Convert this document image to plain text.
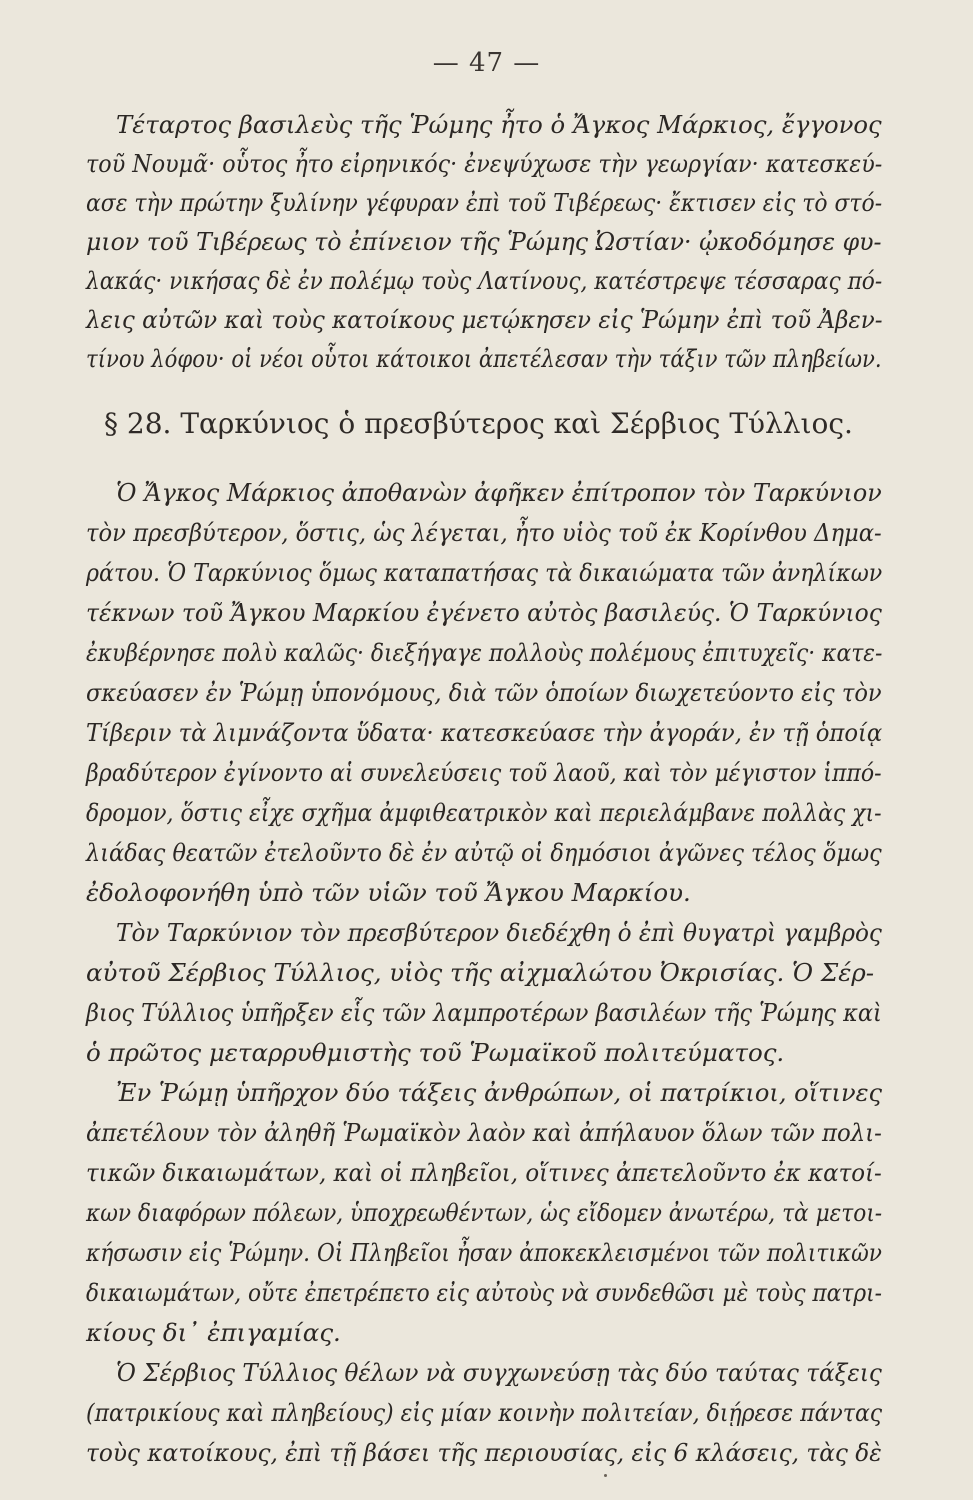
— 47 —
Τέταρτος βασιλεὺς τῆς Ῥώμης ἦτο ὁ Ἄγκος Μάρκιος, ἔγγονος
τοῦ Νουμᾶ· οὗτος ἦτο εἰρηνικός· ἐνεψύχωσε τὴν γεωργίαν· κατεσκεύ-
ασε τὴν πρώτην ξυλίνην γέφυραν ἐπὶ τοῦ Τιβέρεως· ἔκτισεν εἰς τὸ στό-
μιον τοῦ Τιβέρεως τὸ ἐπίνειον τῆς Ῥώμης Ὠστίαν· ᾠκοδόμησε φυ-
λακάς· νικήσας δὲ ἐν πολέμῳ τοὺς Λατίνους, κατέστρεψε τέσσαρας πό-
λεις αὐτῶν καὶ τοὺς κατοίκους μετῴκησεν εἰς Ῥώμην ἐπὶ τοῦ Ἀβεν-
τίνου λόφου· οἱ νέοι οὗτοι κάτοικοι ἀπετέλεσαν τὴν τάξιν τῶν πληβείων.
§ 28. Ταρκύνιος ὁ πρεσβύτερος καὶ Σέρβιος Τύλλιος.
Ὁ Ἄγκος Μάρκιος ἀποθανὼν ἀφῆκεν ἐπίτροπον τὸν Ταρκύνιον
τὸν πρεσβύτερον, ὅστις, ὡς λέγεται, ἦτο υἱὸς τοῦ ἐκ Κορίνθου Δημα-
ράτου. Ὁ Ταρκύνιος ὅμως καταπατήσας τὰ δικαιώματα τῶν ἀνηλίκων
τέκνων τοῦ Ἄγκου Μαρκίου ἐγένετο αὐτὸς βασιλεύς. Ὁ Ταρκύνιος
ἐκυβέρνησε πολὺ καλῶς· διεξήγαγε πολλοὺς πολέμους ἐπιτυχεῖς· κατε-
σκεύασεν ἐν Ῥώμῃ ὑπονόμους, διὰ τῶν ὁποίων διωχετεύοντο εἰς τὸν
Τίβεριν τὰ λιμνάζοντα ὕδατα· κατεσκεύασε τὴν ἀγοράν, ἐν τῇ ὁποίᾳ
βραδύτερον ἐγίνοντο αἱ συνελεύσεις τοῦ λαοῦ, καὶ τὸν μέγιστον ἱππό-
δρομον, ὅστις εἶχε σχῆμα ἀμφιθεατρικὸν καὶ περιελάμβανε πολλὰς χι-
λιάδας θεατῶν ἐτελοῦντο δὲ ἐν αὐτῷ οἱ δημόσιοι ἀγῶνες τέλος ὅμως
ἐδολοφονήθη ὑπὸ τῶν υἱῶν τοῦ Ἄγκου Μαρκίου.
Τὸν Ταρκύνιον τὸν πρεσβύτερον διεδέχθη ὁ ἐπὶ θυγατρὶ γαμβρὸς
αὐτοῦ Σέρβιος Τύλλιος, υἱὸς τῆς αἰχμαλώτου Ὀκρισίας. Ὁ Σέρ-
βιος Τύλλιος ὑπῆρξεν εἷς τῶν λαμπροτέρων βασιλέων τῆς Ῥώμης καὶ
ὁ πρῶτος μεταρρυθμιστὴς τοῦ Ῥωμαϊκοῦ πολιτεύματος.
Ἐν Ῥώμῃ ὑπῆρχον δύο τάξεις ἀνθρώπων, οἱ πατρίκιοι, οἵτινες
ἀπετέλουν τὸν ἀληθῆ Ῥωμαϊκὸν λαὸν καὶ ἀπήλαυον ὅλων τῶν πολι-
τικῶν δικαιωμάτων, καὶ οἱ πληβεῖοι, οἵτινες ἀπετελοῦντο ἐκ κατοί-
κων διαφόρων πόλεων, ὑποχρεωθέντων, ὡς εἴδομεν ἀνωτέρω, τὰ μετοι-
κήσωσιν εἰς Ῥώμην. Οἱ Πληβεῖοι ἦσαν ἀποκεκλεισμένοι τῶν πολιτικῶν
δικαιωμάτων, οὔτε ἐπετρέπετο εἰς αὐτοὺς νὰ συνδεθῶσι μὲ τοὺς πατρι-
κίους δι᾿ ἐπιγαμίας.
Ὁ Σέρβιος Τύλλιος θέλων νὰ συγχωνεύσῃ τὰς δύο ταύτας τάξεις
(πατρικίους καὶ πληβείους) εἰς μίαν κοινὴν πολιτείαν, διῄρεσε πάντας
τοὺς κατοίκους, ἐπὶ τῇ βάσει τῆς περιουσίας, εἰς 6 κλάσεις, τὰς δὲ
